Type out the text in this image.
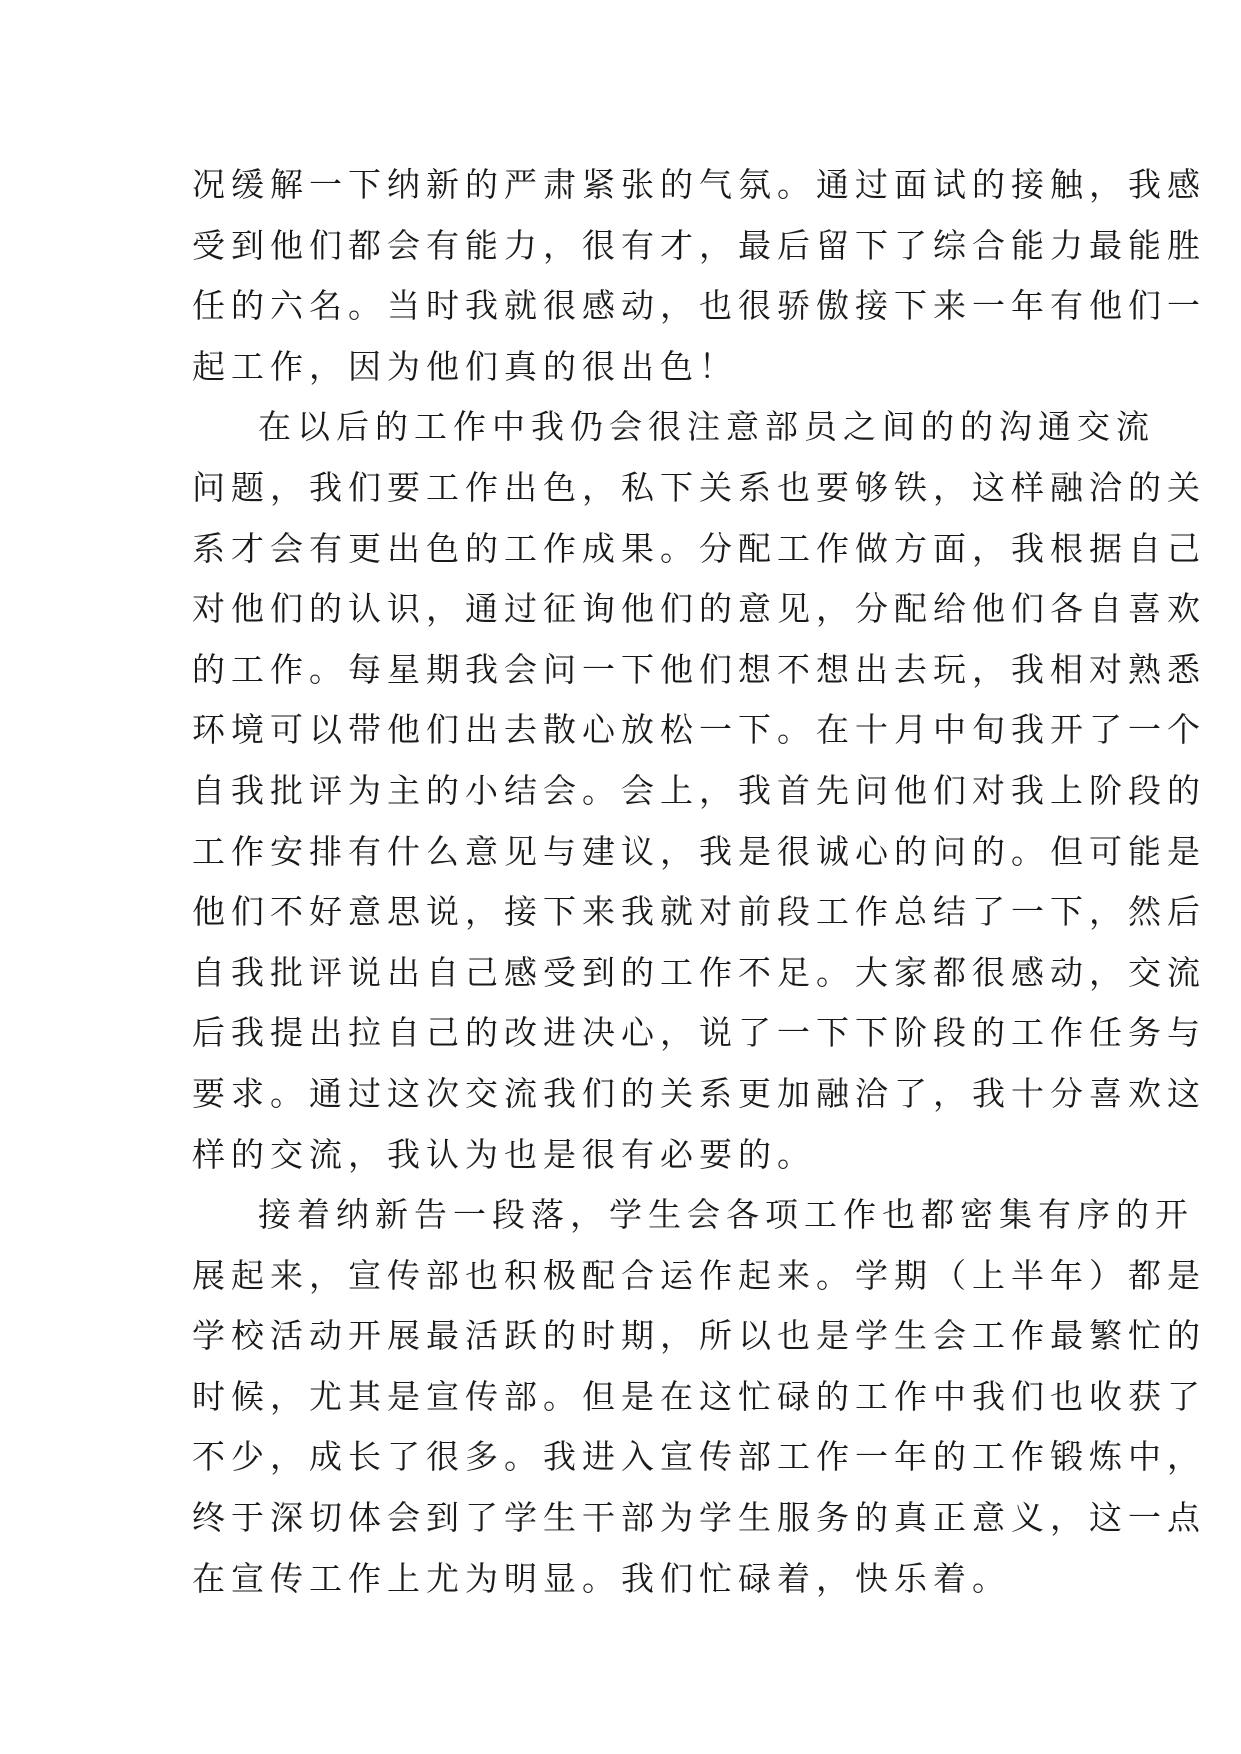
况缓解一下纳新的严肃紧张的气氛。通过面试的接触，我感
受到他们都会有能力，很有才，最后留下了综合能力最能胜
任的六名。当时我就很感动，也很骄傲接下来一年有他们一
起工作，因为他们真的很出色！
在以后的工作中我仍会很注意部员之间的的沟通交流
问题，我们要工作出色，私下关系也要够铁，这样融洽的关
系才会有更出色的工作成果。分配工作做方面，我根据自己
对他们的认识，通过征询他们的意见，分配给他们各自喜欢
的工作。每星期我会问一下他们想不想出去玩，我相对熟悉
环境可以带他们出去散心放松一下。在十月中旬我开了一个
自我批评为主的小结会。会上，我首先问他们对我上阶段的
工作安排有什么意见与建议，我是很诚心的问的。但可能是
他们不好意思说，接下来我就对前段工作总结了一下，然后
自我批评说出自己感受到的工作不足。大家都很感动，交流
后我提出拉自己的改进决心，说了一下下阶段的工作任务与
要求。通过这次交流我们的关系更加融洽了，我十分喜欢这
样的交流，我认为也是很有必要的。
接着纳新告一段落，学生会各项工作也都密集有序的开
展起来，宣传部也积极配合运作起来。学期（上半年）都是
学校活动开展最活跃的时期，所以也是学生会工作最繁忙的
时候，尤其是宣传部。但是在这忙碌的工作中我们也收获了
不少，成长了很多。我进入宣传部工作一年的工作锻炼中，
终于深切体会到了学生干部为学生服务的真正意义，这一点
在宣传工作上尤为明显。我们忙碌着，快乐着。
